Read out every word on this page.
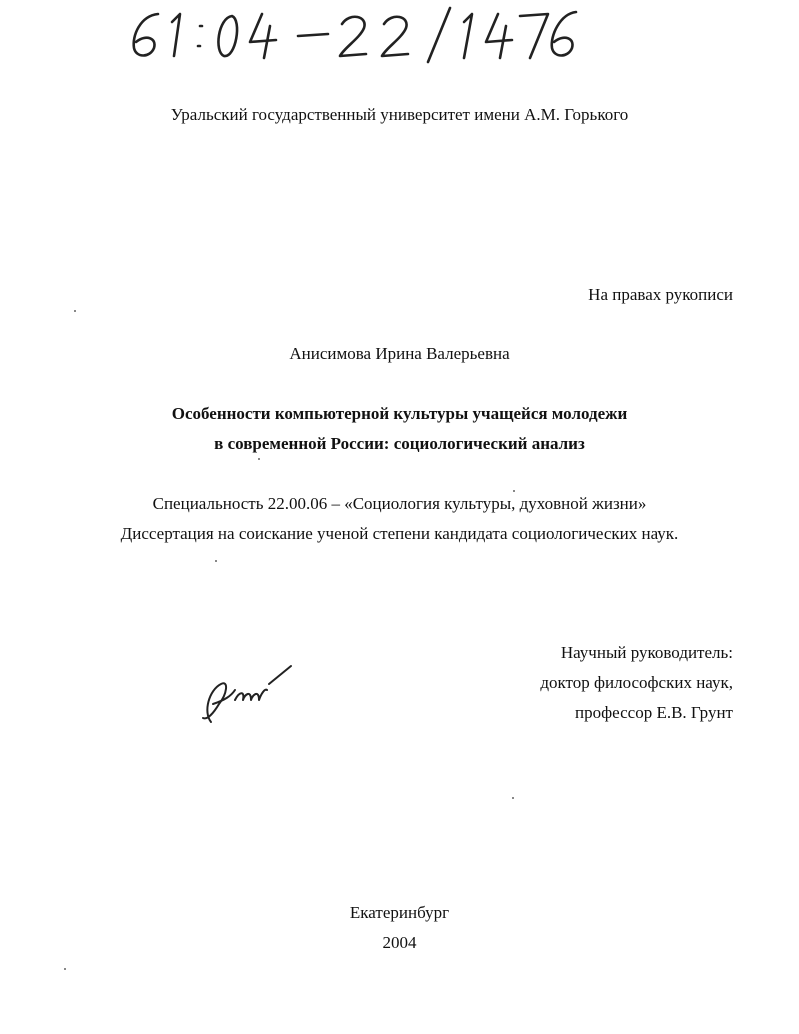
Уральский государственный университет имени А.М. Горького
На правах рукописи
Анисимова Ирина Валерьевна
Особенности компьютерной культуры учащейся молодежи
в современной России: социологический анализ
Специальность 22.00.06 – «Социология культуры, духовной жизни»
Диссертация на соискание ученой степени кандидата социологических наук.
Научный руководитель:
доктор философских наук,
профессор Е.В. Грунт
Екатеринбург
2004
